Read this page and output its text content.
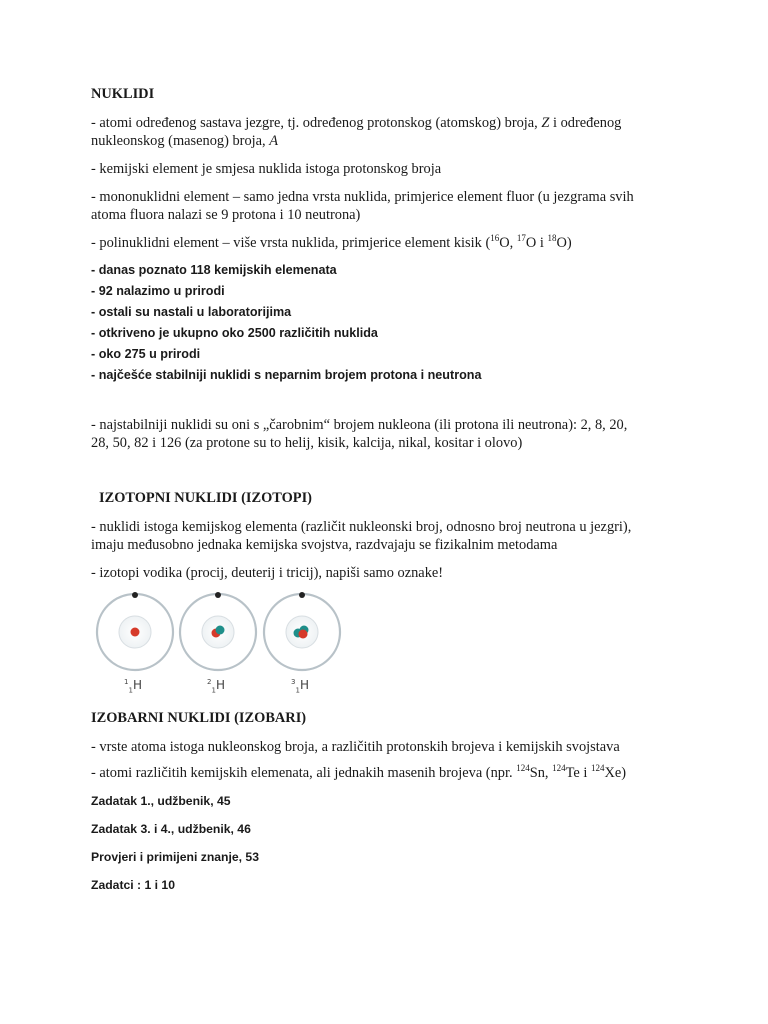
NUKLIDI

- atomi određenog sastava jezgre, tj. određenog protonskog (atomskog) broja, Z i određenog
nukleonskog (masenog) broja, A

- kemijski element je smjesa nuklida istoga protonskog broja

- mononuklidni element – samo jedna vrsta nuklida, primjerice element fluor (u jezgrama svih
atoma fluora nalazi se 9 protona i 10 neutrona)

- polinuklidni element – više vrsta nuklida, primjerice element kisik ($^{16}$O, $^{17}$O i $^{18}$O)

- danas poznato 118 kemijskih elemenata
- 92 nalazimo u prirodi
- ostali su nastali u laboratorijima
- otkriveno je ukupno oko 2500 različitih nuklida
- oko 275 u prirodi
- najčešće stabilniji nuklidi s neparnim brojem protona i neutrona

- najstabilniji nuklidi su oni s „čarobnim“ brojem nukleona (ili protona ili neutrona): 2, 8, 20,
28, 50, 82 i 126 (za protone su to helij, kisik, kalcija, nikal, kositar i olovo)

IZOTOPNI NUKLIDI (IZOTOPI)

- nuklidi istoga kemijskog elementa (različit nukleonski broj, odnosno broj neutrona u jezgri),
imaju međusobno jednaka kemijska svojstva, razdvajaju se fizikalnim metodama

- izotopi vodika (procij, deuterij i tricij), napiši samo oznake!

$^1_1$H	$^2_1$H	$^3_1$H
IZOBARNI NUKLIDI (IZOBARI)

- vrste atoma istoga nukleonskog broja, a različitih protonskih brojeva i kemijskih svojstava

- atomi različitih kemijskih elemenata, ali jednakih masenih brojeva (npr. $^{124}$Sn, $^{124}$Te i $^{124}$Xe)

Zadatak 1., udžbenik, 45

Zadatak 3. i 4., udžbenik, 46

Provjeri i primijeni znanje, 53

Zadatci : 1 i 10
